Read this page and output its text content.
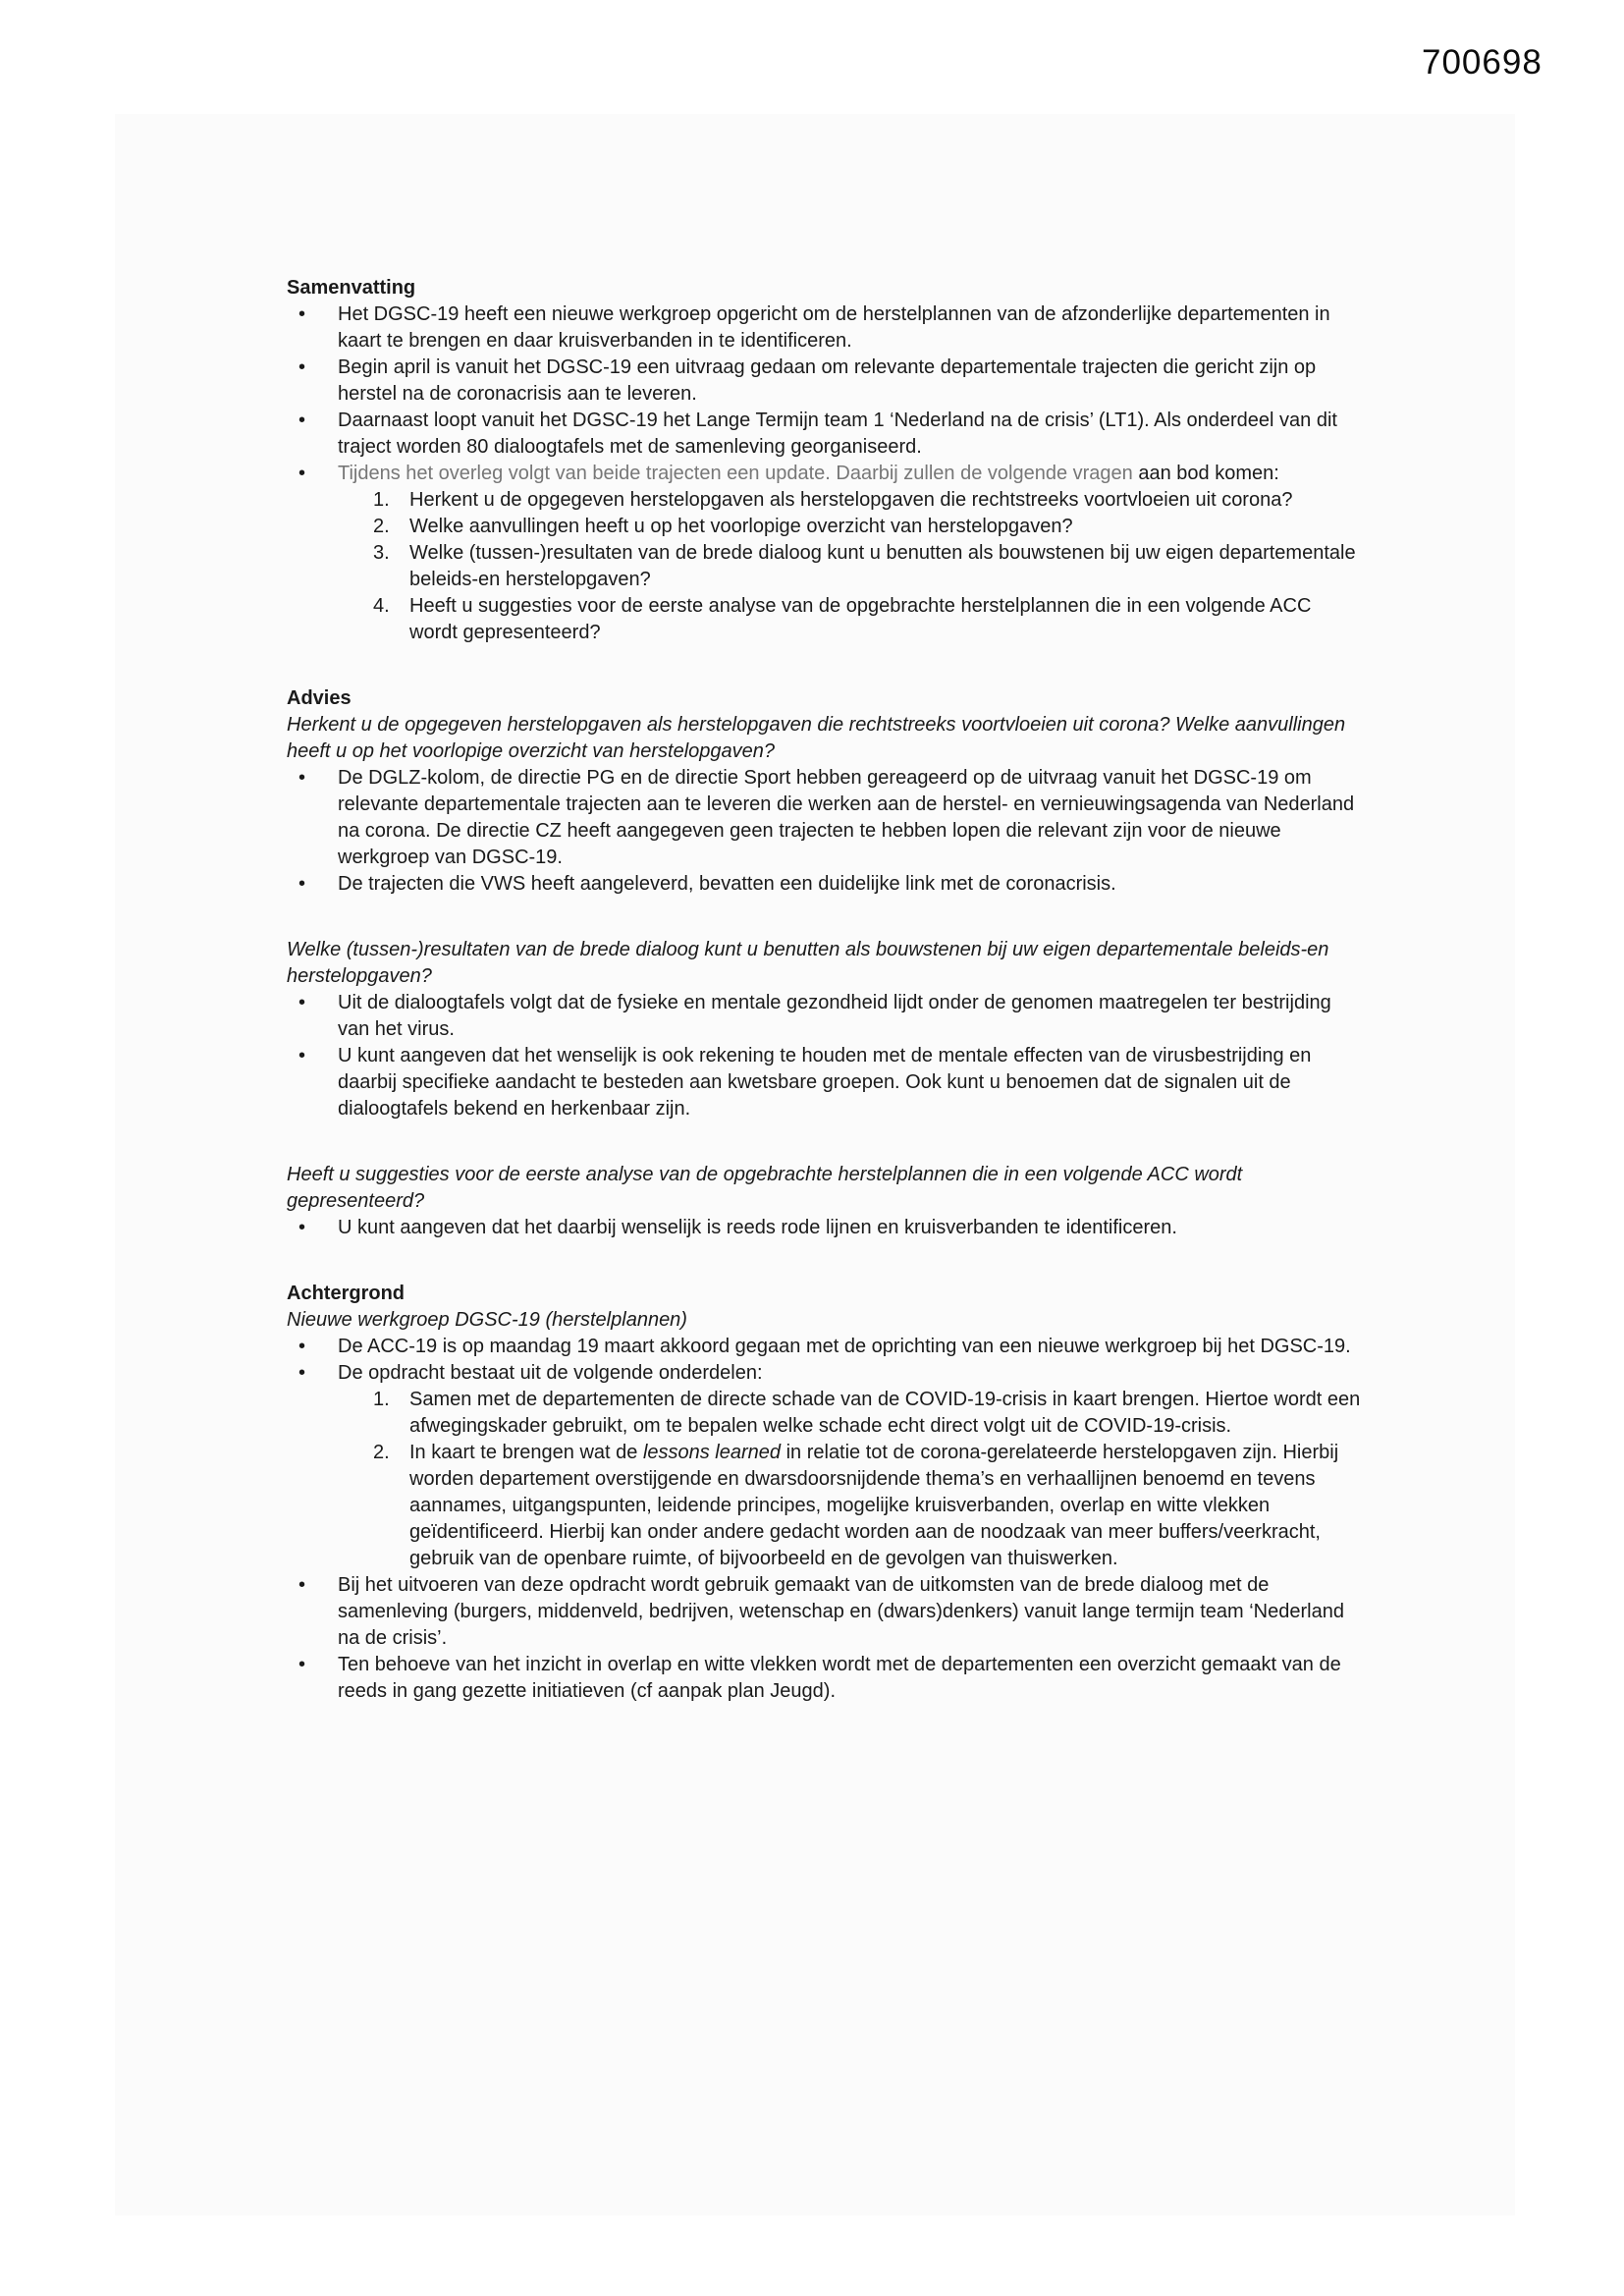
700698
Samenvatting
• Het DGSC-19 heeft een nieuwe werkgroep opgericht om de herstelplannen van de afzonderlijke departementen in kaart te brengen en daar kruisverbanden in te identificeren.
• Begin april is vanuit het DGSC-19 een uitvraag gedaan om relevante departementale trajecten die gericht zijn op herstel na de coronacrisis aan te leveren.
• Daarnaast loopt vanuit het DGSC-19 het Lange Termijn team 1 ‘Nederland na de crisis’ (LT1). Als onderdeel van dit traject worden 80 dialoogtafels met de samenleving georganiseerd.
• Tijdens het overleg volgt van beide trajecten een update. Daarbij zullen de volgende vragen aan bod komen:
1.	Herkent u de opgegeven herstelopgaven als herstelopgaven die rechtstreeks voortvloeien uit corona?
2.	Welke aanvullingen heeft u op het voorlopige overzicht van herstelopgaven?
3.	Welke (tussen-)resultaten van de brede dialoog kunt u benutten als bouwstenen bij uw eigen departementale beleids-en herstelopgaven?
4.	Heeft u suggesties voor de eerste analyse van de opgebrachte herstelplannen die in een volgende ACC wordt gepresenteerd?
Advies
Herkent u de opgegeven herstelopgaven als herstelopgaven die rechtstreeks voortvloeien uit corona? Welke aanvullingen heeft u op het voorlopige overzicht van herstelopgaven?
• De DGLZ-kolom, de directie PG en de directie Sport hebben gereageerd op de uitvraag vanuit het DGSC-19 om relevante departementale trajecten aan te leveren die werken aan de herstel- en vernieuwingsagenda van Nederland na corona. De directie CZ heeft aangegeven geen trajecten te hebben lopen die relevant zijn voor de nieuwe werkgroep van DGSC-19.
• De trajecten die VWS heeft aangeleverd, bevatten een duidelijke link met de coronacrisis.
Welke (tussen-)resultaten van de brede dialoog kunt u benutten als bouwstenen bij uw eigen departementale beleids-en herstelopgaven?
• Uit de dialoogtafels volgt dat de fysieke en mentale gezondheid lijdt onder de genomen maatregelen ter bestrijding van het virus.
• U kunt aangeven dat het wenselijk is ook rekening te houden met de mentale effecten van de virusbestrijding en daarbij specifieke aandacht te besteden aan kwetsbare groepen. Ook kunt u benoemen dat de signalen uit de dialoogtafels bekend en herkenbaar zijn.
Heeft u suggesties voor de eerste analyse van de opgebrachte herstelplannen die in een volgende ACC wordt gepresenteerd?
• U kunt aangeven dat het daarbij wenselijk is reeds rode lijnen en kruisverbanden te identificeren.
Achtergrond
Nieuwe werkgroep DGSC-19 (herstelplannen)
• De ACC-19 is op maandag 19 maart akkoord gegaan met de oprichting van een nieuwe werkgroep bij het DGSC-19.
• De opdracht bestaat uit de volgende onderdelen:
1.	Samen met de departementen de directe schade van de COVID-19-crisis in kaart brengen. Hiertoe wordt een afwegingskader gebruikt, om te bepalen welke schade echt direct volgt uit de COVID-19-crisis.
2.	In kaart te brengen wat de lessons learned in relatie tot de corona-gerelateerde herstelopgaven zijn. Hierbij worden departement overstijgende en dwarsdoorsnijdende thema’s en verhaallijnen benoemd en tevens aannames, uitgangspunten, leidende principes, mogelijke kruisverbanden, overlap en witte vlekken geïdentificeerd. Hierbij kan onder andere gedacht worden aan de noodzaak van meer buffers/veerkracht, gebruik van de openbare ruimte, of bijvoorbeeld en de gevolgen van thuiswerken.
• Bij het uitvoeren van deze opdracht wordt gebruik gemaakt van de uitkomsten van de brede dialoog met de samenleving (burgers, middenveld, bedrijven, wetenschap en (dwars)denkers) vanuit lange termijn team ‘Nederland na de crisis’.
• Ten behoeve van het inzicht in overlap en witte vlekken wordt met de departementen een overzicht gemaakt van de reeds in gang gezette initiatieven (cf aanpak plan Jeugd).
